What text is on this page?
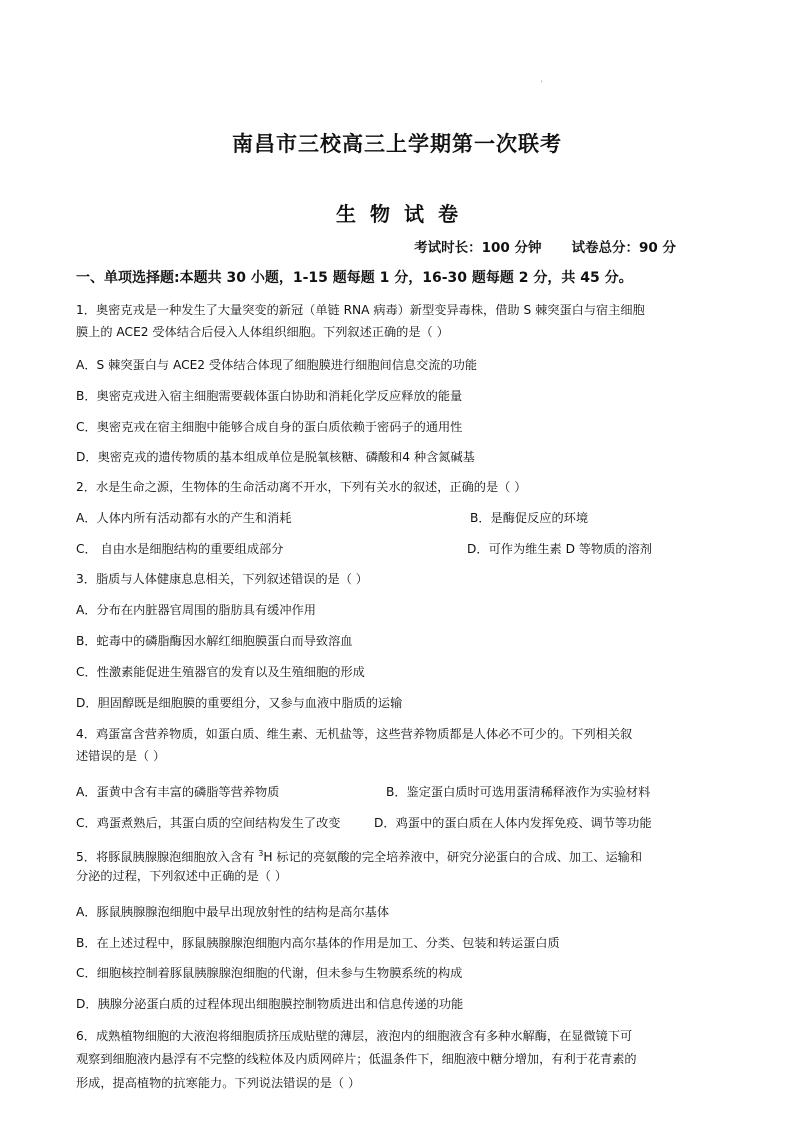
'
南昌市三校高三上学期第一次联考
生物试卷
考试时长：100 分钟 试卷总分：90 分
一、单项选择题:本题共 30 小题，1-15 题每题 1 分，16-30 题每题 2 分，共 45 分。
1．奥密克戎是一种发生了大量突变的新冠（单链 RNA 病毒）新型变异毒株，借助 S 棘突蛋白与宿主细胞
膜上的 ACE2 受体结合后侵入人体组织细胞。下列叙述正确的是（ ）
A．S 棘突蛋白与 ACE2 受体结合体现了细胞膜进行细胞间信息交流的功能
B．奥密克戎进入宿主细胞需要载体蛋白协助和消耗化学反应释放的能量
C．奥密克戎在宿主细胞中能够合成自身的蛋白质依赖于密码子的通用性
D．奥密克戎的遗传物质的基本组成单位是脱氧核糖、磷酸和4 种含氮碱基
2．水是生命之源，生物体的生命活动离不开水，下列有关水的叙述，正确的是（ ）
A．人体内所有活动都有水的产生和消耗	B．是酶促反应的环境
C． 自由水是细胞结构的重要组成部分	D．可作为维生素 D 等物质的溶剂
3．脂质与人体健康息息相关，下列叙述错误的是（ ）
A．分布在内脏器官周围的脂肪具有缓冲作用
B．蛇毒中的磷脂酶因水解红细胞膜蛋白而导致溶血
C．性激素能促进生殖器官的发育以及生殖细胞的形成
D．胆固醇既是细胞膜的重要组分，又参与血液中脂质的运输
4．鸡蛋富含营养物质，如蛋白质、维生素、无机盐等，这些营养物质都是人体必不可少的。下列相关叙
述错误的是（ ）
A．蛋黄中含有丰富的磷脂等营养物质	B．鉴定蛋白质时可选用蛋清稀释液作为实验材料
C．鸡蛋煮熟后，其蛋白质的空间结构发生了改变	D．鸡蛋中的蛋白质在人体内发挥免疫、调节等功能
5．将豚鼠胰腺腺泡细胞放入含有 $^3$H 标记的亮氨酸的完全培养液中，研究分泌蛋白的合成、加工、运输和
分泌的过程，下列叙述中正确的是（ ）
A．豚鼠胰腺腺泡细胞中最早出现放射性的结构是高尔基体
B．在上述过程中，豚鼠胰腺腺泡细胞内高尔基体的作用是加工、分类、包装和转运蛋白质
C．细胞核控制着豚鼠胰腺腺泡细胞的代谢，但未参与生物膜系统的构成
D．胰腺分泌蛋白质的过程体现出细胞膜控制物质进出和信息传递的功能
6．成熟植物细胞的大液泡将细胞质挤压成贴壁的薄层，液泡内的细胞液含有多种水解酶，在显微镜下可
观察到细胞液内悬浮有不完整的线粒体及内质网碎片；低温条件下，细胞液中糖分增加，有利于花青素的
形成，提高植物的抗寒能力。下列说法错误的是（ ）
